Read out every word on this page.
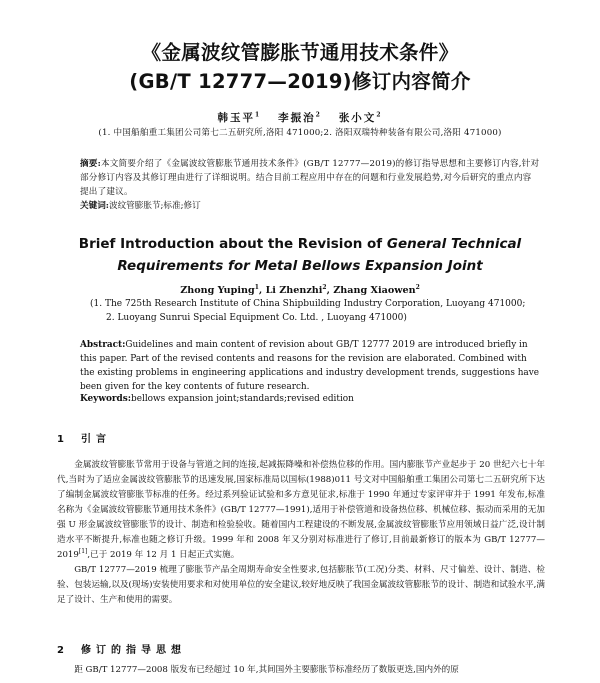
《金属波纹管膨胀节通用技术条件》
(GB/T 12777—2019)修订内容简介
韩玉平$^1$ 李振治$^2$ 张小文$^2$
(1. 中国船舶重工集团公司第七二五研究所,洛阳 471000;2. 洛阳双瑞特种装备有限公司,洛阳 471000)
摘要:本文简要介绍了《金属波纹管膨胀节通用技术条件》(GB/T 12777—2019)的修订指导思想和主要修订内容,针对部分修订内容及其修订理由进行了详细说明。结合目前工程应用中存在的问题和行业发展趋势,对今后研究的重点内容提出了建议。
关键词:波纹管膨胀节;标准;修订
Brief Introduction about the Revision of General Technical
Requirements for Metal Bellows Expansion Joint
Zhong Yuping$^1$, Li Zhenzhi$^2$, Zhang Xiaowen$^2$
(1. The 725th Research Institute of China Shipbuilding Industry Corporation, Luoyang 471000;
2. Luoyang Sunrui Special Equipment Co. Ltd. , Luoyang 471000)
Abstract:Guidelines and main content of revision about GB/T 12777 2019 are introduced briefly in this paper. Part of the revised contents and reasons for the revision are elaborated. Combined with the existing problems in engineering applications and industry development trends, suggestions have been given for the key contents of future research.
Keywords:bellows expansion joint;standards;revised edition
1 引言

金属波纹管膨胀节常用于设备与管道之间的连接,起减振降噪和补偿热位移的作用。国内膨胀节产业起步于 20 世纪六七十年代,当时为了适应金属波纹管膨胀节的迅速发展,国家标准局以国标(1988)011 号文对中国船舶重工集团公司第七二五研究所下达了编制金属波纹管膨胀节标准的任务。经过系列验证试验和多方意见征求,标准于 1990 年通过专家评审并于 1991 年发布,标准名称为《金属波纹管膨胀节通用技术条件》(GB/T 12777—1991),适用于补偿管道和设备热位移、机械位移、振动而采用的无加强 U 形金属波纹管膨胀节的设计、制造和检验验收。随着国内工程建设的不断发展,金属波纹管膨胀节应用领域日益广泛,设计制造水平不断提升,标准也随之修订升级。1999 年和 2008 年又分别对标准进行了修订,目前最新修订的版本为 GB/T 12777—2019[1],已于 2019 年 12 月 1 日起正式实施。

GB/T 12777—2019 梳理了膨胀节产品全周期寿命安全性要求,包括膨胀节(工况)分类、材料、尺寸偏差、设计、制造、检验、包装运输,以及(现场)安装使用要求和对使用单位的安全建议,较好地反映了我国金属波纹管膨胀节的设计、制造和试验水平,满足了设计、生产和使用的需要。

2 修订的指导思想

距 GB/T 12777—2008 版发布已经超过 10 年,其间国外主要膨胀节标准经历了数版更迭,国内外的原
